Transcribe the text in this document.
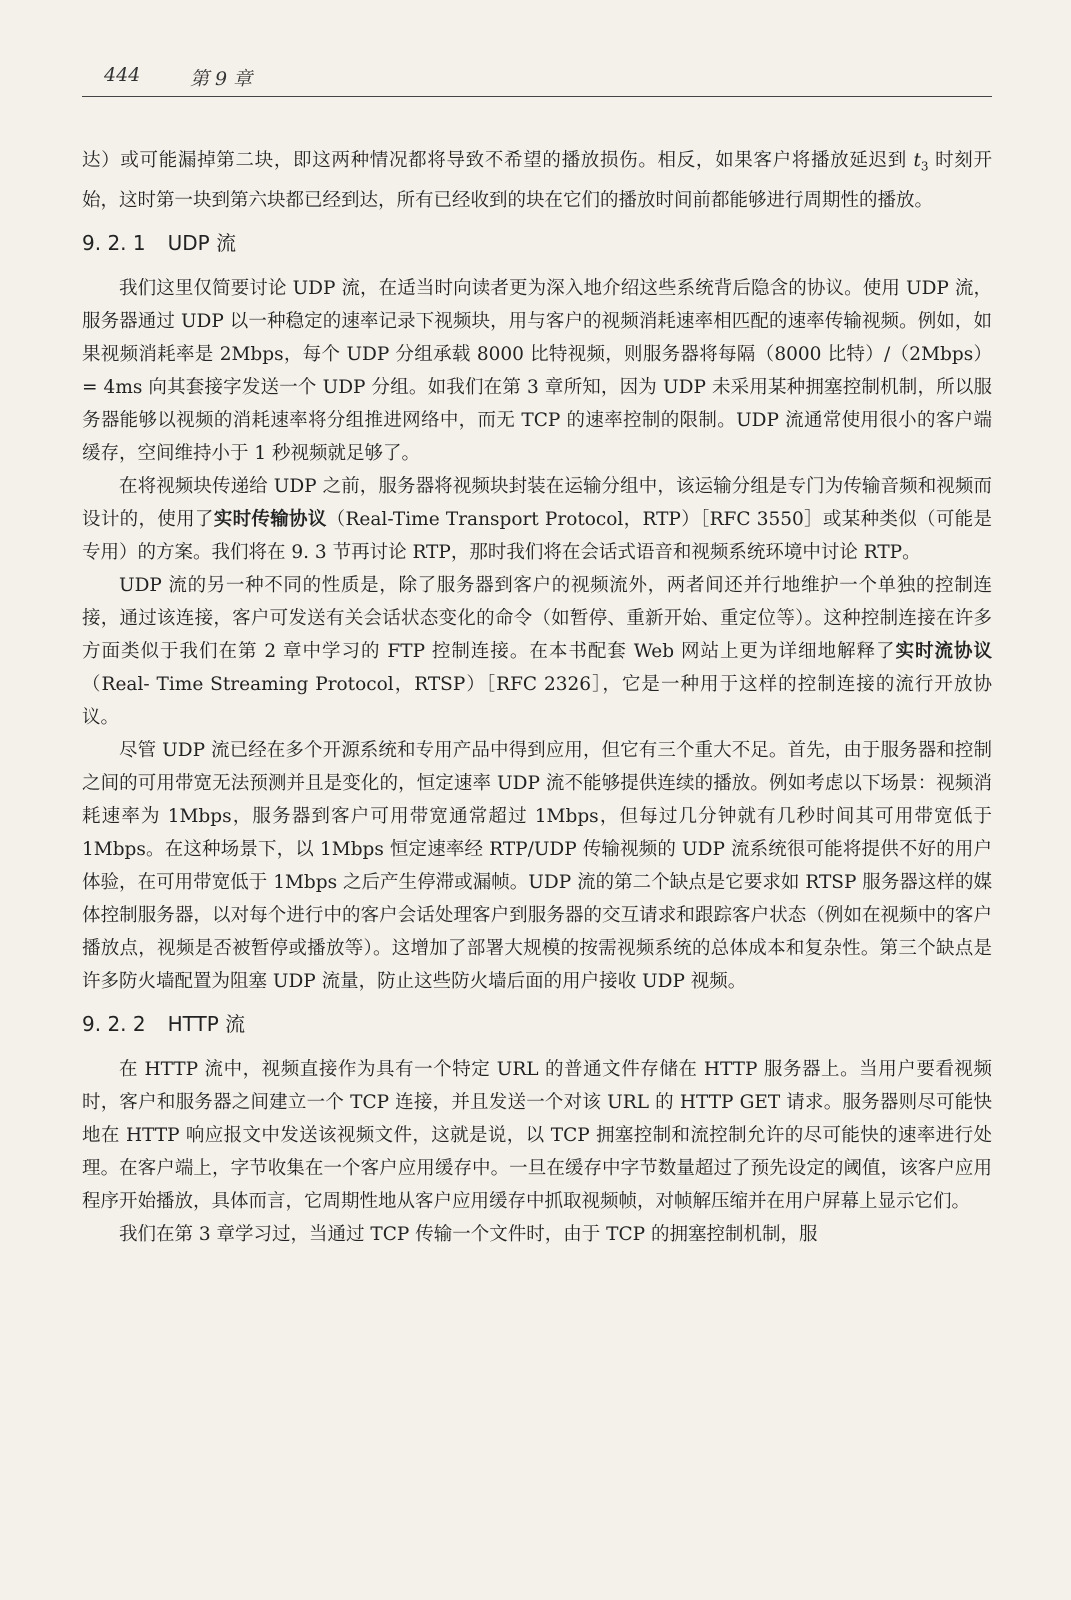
444	第 9 章

达）或可能漏掉第二块，即这两种情况都将导致不希望的播放损伤。相反，如果客户将播放延迟到 $t_3$ 时刻开始，这时第一块到第六块都已经到达，所有已经收到的块在它们的播放时间前都能够进行周期性的播放。

9. 2. 1 UDP 流

我们这里仅简要讨论 UDP 流，在适当时向读者更为深入地介绍这些系统背后隐含的协议。使用 UDP 流，服务器通过 UDP 以一种稳定的速率记录下视频块，用与客户的视频消耗速率相匹配的速率传输视频。例如，如果视频消耗率是 2Mbps，每个 UDP 分组承载 8000 比特视频，则服务器将每隔（8000 比特）/（2Mbps） = 4ms 向其套接字发送一个 UDP 分组。如我们在第 3 章所知，因为 UDP 未采用某种拥塞控制机制，所以服务器能够以视频的消耗速率将分组推进网络中，而无 TCP 的速率控制的限制。UDP 流通常使用很小的客户端缓存，空间维持小于 1 秒视频就足够了。

在将视频块传递给 UDP 之前，服务器将视频块封装在运输分组中，该运输分组是专门为传输音频和视频而设计的，使用了实时传输协议（Real-Time Transport Protocol，RTP）［RFC 3550］或某种类似（可能是专用）的方案。我们将在 9. 3 节再讨论 RTP，那时我们将在会话式语音和视频系统环境中讨论 RTP。

UDP 流的另一种不同的性质是，除了服务器到客户的视频流外，两者间还并行地维护一个单独的控制连接，通过该连接，客户可发送有关会话状态变化的命令（如暂停、重新开始、重定位等）。这种控制连接在许多方面类似于我们在第 2 章中学习的 FTP 控制连接。在本书配套 Web 网站上更为详细地解释了实时流协议（Real- Time Streaming Protocol，RTSP）［RFC 2326］，它是一种用于这样的控制连接的流行开放协议。

尽管 UDP 流已经在多个开源系统和专用产品中得到应用，但它有三个重大不足。首先，由于服务器和控制之间的可用带宽无法预测并且是变化的，恒定速率 UDP 流不能够提供连续的播放。例如考虑以下场景：视频消耗速率为 1Mbps，服务器到客户可用带宽通常超过 1Mbps，但每过几分钟就有几秒时间其可用带宽低于 1Mbps。在这种场景下，以 1Mbps 恒定速率经 RTP/UDP 传输视频的 UDP 流系统很可能将提供不好的用户体验，在可用带宽低于 1Mbps 之后产生停滞或漏帧。UDP 流的第二个缺点是它要求如 RTSP 服务器这样的媒体控制服务器，以对每个进行中的客户会话处理客户到服务器的交互请求和跟踪客户状态（例如在视频中的客户播放点，视频是否被暂停或播放等）。这增加了部署大规模的按需视频系统的总体成本和复杂性。第三个缺点是许多防火墙配置为阻塞 UDP 流量，防止这些防火墙后面的用户接收 UDP 视频。

9. 2. 2 HTTP 流

在 HTTP 流中，视频直接作为具有一个特定 URL 的普通文件存储在 HTTP 服务器上。当用户要看视频时，客户和服务器之间建立一个 TCP 连接，并且发送一个对该 URL 的 HTTP GET 请求。服务器则尽可能快地在 HTTP 响应报文中发送该视频文件，这就是说，以 TCP 拥塞控制和流控制允许的尽可能快的速率进行处理。在客户端上，字节收集在一个客户应用缓存中。一旦在缓存中字节数量超过了预先设定的阈值，该客户应用程序开始播放，具体而言，它周期性地从客户应用缓存中抓取视频帧，对帧解压缩并在用户屏幕上显示它们。

我们在第 3 章学习过，当通过 TCP 传输一个文件时，由于 TCP 的拥塞控制机制，服
